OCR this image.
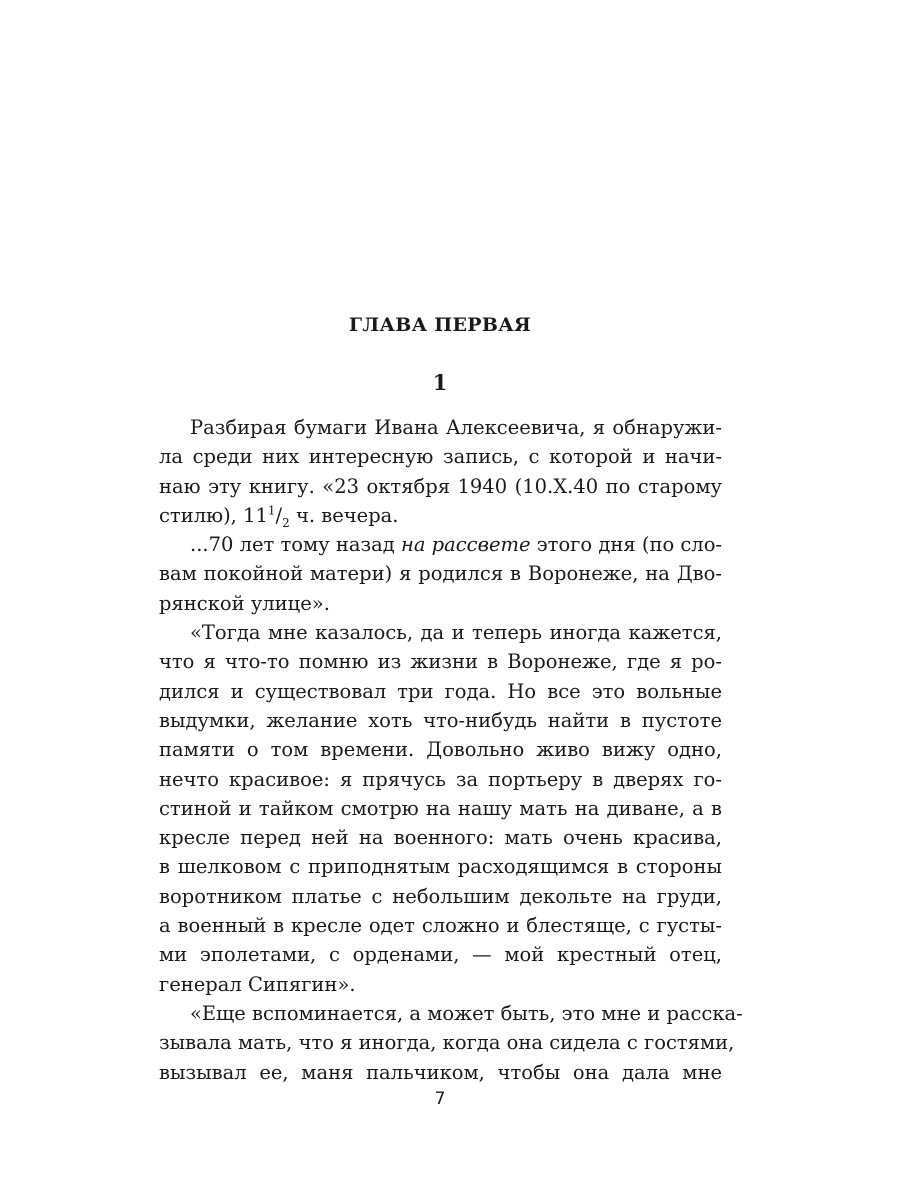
ГЛАВА ПЕРВАЯ
1
Разбирая бумаги Ивана Алексеевича, я обнаружи-
ла среди них интересную запись, с которой и начи-
наю эту книгу. «23 октября 1940 (10.X.40 по старому
стилю), $11^1/_2$ ч. вечера.
...70 лет тому назад на рассвете этого дня (по сло-
вам покойной матери) я родился в Воронеже, на Дво-
рянской улице».
«Тогда мне казалось, да и теперь иногда кажется,
что я что-то помню из жизни в Воронеже, где я ро-
дился и существовал три года. Но все это вольные
выдумки, желание хоть что-нибудь найти в пустоте
памяти о том времени. Довольно живо вижу одно,
нечто красивое: я прячусь за портьеру в дверях го-
стиной и тайком смотрю на нашу мать на диване, а в
кресле перед ней на военного: мать очень красива,
в шелковом с приподнятым расходящимся в стороны
воротником платье с небольшим декольте на груди,
а военный в кресле одет сложно и блестяще, с густы-
ми эполетами, с орденами, — мой крестный отец,
генерал Сипягин».
«Еще вспоминается, а может быть, это мне и расска-
зывала мать, что я иногда, когда она сидела с гостями,
вызывал ее, маня пальчиком, чтобы она дала мне
7
